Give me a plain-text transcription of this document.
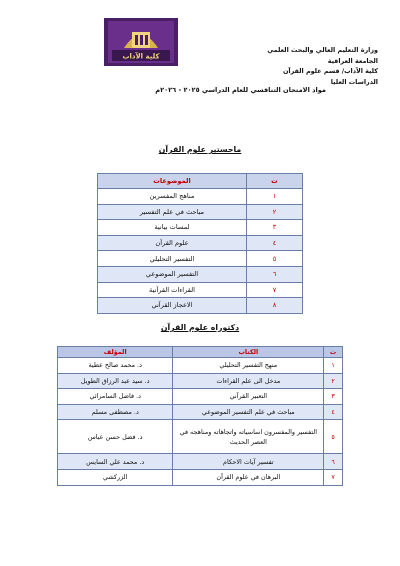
وزارة التعليم العالي والبحث العلمي
الجامعة العراقية
كلية الآداب/ قسم علوم القرآن
الدراسات العليا
كلية الآداب
مواد الامتحان التنافسي للعام الدراسي ٢٠٢٥ - ٢٠٢٦م
ماجستير علوم القرآن
ت	الموضوعات
١	مناهج المفسرين
٢	مباحث في علم التفسير
٣	لمسات بيانية
٤	علوم القرآن
٥	التفسير التحليلي
٦	التفسير الموضوعي
٧	القراءات القرآنية
٨	الاعجاز القرآني
دكتوراه علوم القرآن
ت	الكتاب	المؤلف
١	منهج التفسير التحليلي	د. محمد صالح عطية
٢	مدخل الى علم القراءات	د. سيد عبد الرزاق الطويل
٣	التعبير القرآني	د. فاضل السامرائي
٤	مباحث في علم التفسير الموضوعي	د. مصطفى مسلم
٥	التفسير والمفسرون اساسياته واتجاهاته ومناهجه في العصر الحديث	د. فضل حسن عباس
٦	تفسير آيات الاحكام	د. محمد علي السايس
٧	البرهان في علوم القرآن	الزركشي
